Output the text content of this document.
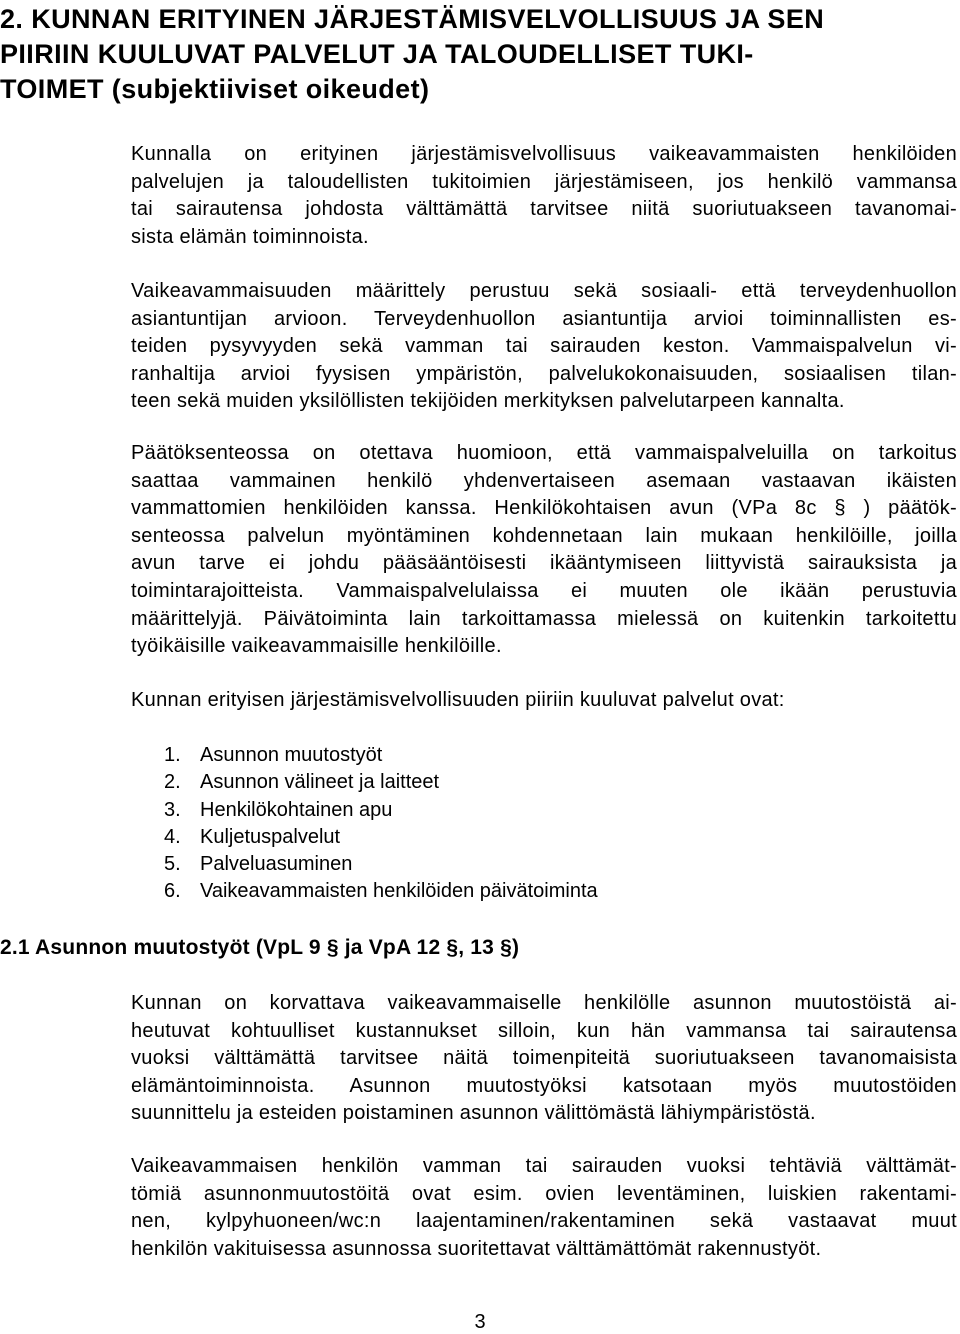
2. KUNNAN ERITYINEN JÄRJESTÄMISVELVOLLISUUS JA SEN
PIIRIIN KUULUVAT PALVELUT JA TALOUDELLISET TUKI-
TOIMET (subjektiiviset oikeudet)
Kunnalla on erityinen järjestämisvelvollisuus vaikeavammaisten henkilöiden
palvelujen ja taloudellisten tukitoimien järjestämiseen, jos henkilö vammansa
tai sairautensa johdosta välttämättä tarvitsee niitä suoriutuakseen tavanomai-
sista elämän toiminnoista.
Vaikeavammaisuuden määrittely perustuu sekä sosiaali- että terveydenhuollon
asiantuntijan arvioon. Terveydenhuollon asiantuntija arvioi toiminnallisten es-
teiden pysyvyyden sekä vamman tai sairauden keston. Vammaispalvelun vi-
ranhaltija arvioi fyysisen ympäristön, palvelukokonaisuuden, sosiaalisen tilan-
teen sekä muiden yksilöllisten tekijöiden merkityksen palvelutarpeen kannalta.
Päätöksenteossa on otettava huomioon, että vammaispalveluilla on tarkoitus
saattaa vammainen henkilö yhdenvertaiseen asemaan vastaavan ikäisten
vammattomien henkilöiden kanssa. Henkilökohtaisen avun (VPa 8c § ) päätök-
senteossa palvelun myöntäminen kohdennetaan lain mukaan henkilöille, joilla
avun tarve ei johdu pääsääntöisesti ikääntymiseen liittyvistä sairauksista ja
toimintarajoitteista. Vammaispalvelulaissa ei muuten ole ikään perustuvia
määrittelyjä. Päivätoiminta lain tarkoittamassa mielessä on kuitenkin tarkoitettu
työikäisille vaikeavammaisille henkilöille.
Kunnan erityisen järjestämisvelvollisuuden piiriin kuuluvat palvelut ovat:
1. Asunnon muutostyöt
2. Asunnon välineet ja laitteet
3. Henkilökohtainen apu
4. Kuljetuspalvelut
5. Palveluasuminen
6. Vaikeavammaisten henkilöiden päivätoiminta
2.1 Asunnon muutostyöt (VpL 9 § ja VpA 12 §, 13 §)
Kunnan on korvattava vaikeavammaiselle henkilölle asunnon muutostöistä ai-
heutuvat kohtuulliset kustannukset silloin, kun hän vammansa tai sairautensa
vuoksi välttämättä tarvitsee näitä toimenpiteitä suoriutuakseen tavanomaisista
elämäntoiminnoista. Asunnon muutostyöksi katsotaan myös muutostöiden
suunnittelu ja esteiden poistaminen asunnon välittömästä lähiympäristöstä.
Vaikeavammaisen henkilön vamman tai sairauden vuoksi tehtäviä välttämät-
tömiä asunnonmuutostöitä ovat esim. ovien leventäminen, luiskien rakentami-
nen, kylpyhuoneen/wc:n laajentaminen/rakentaminen sekä vastaavat muut
henkilön vakituisessa asunnossa suoritettavat välttämättömät rakennustyöt.
3
